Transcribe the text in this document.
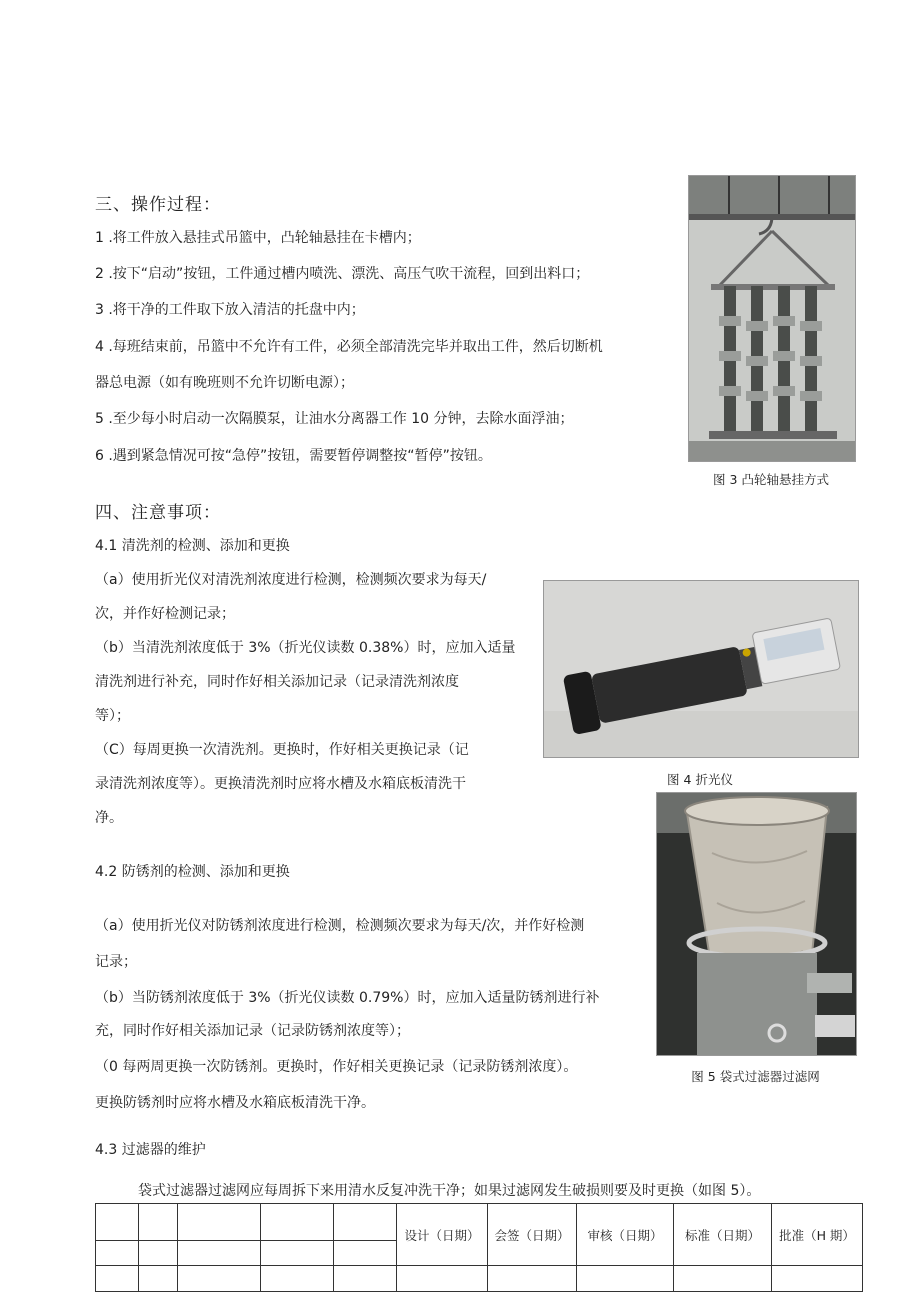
三、操作过程：
1 .将工件放入悬挂式吊篮中，凸轮轴悬挂在卡槽内；
2 .按下“启动”按钮，工件通过槽内喷洗、漂洗、高压气吹干流程，回到出料口；
3 .将干净的工件取下放入清洁的托盘中内；
4 .每班结束前，吊篮中不允许有工件，必须全部清洗完毕并取出工件，然后切断机
器总电源（如有晚班则不允许切断电源）；
5 .至少每小时启动一次隔膜泵，让油水分离器工作 10 分钟，去除水面浮油；
6 .遇到紧急情况可按“急停”按钮，需要暂停调整按“暂停”按钮。
图 3 凸轮轴悬挂方式
四、注意事项：
4.1 清洗剂的检测、添加和更换
（a）使用折光仪对清洗剂浓度进行检测，检测频次要求为每天/
次，并作好检测记录；
（b）当清洗剂浓度低于 3%（折光仪读数 0.38%）时，应加入适量
清洗剂进行补充，同时作好相关添加记录（记录清洗剂浓度
等）；
（C）每周更换一次清洗剂。更换时，作好相关更换记录（记
录清洗剂浓度等）。更换清洗剂时应将水槽及水箱底板清洗干
净。
图 4 折光仪
4.2 防锈剂的检测、添加和更换
（a）使用折光仪对防锈剂浓度进行检测，检测频次要求为每天/次，并作好检测
记录；
（b）当防锈剂浓度低于 3%（折光仪读数 0.79%）时，应加入适量防锈剂进行补
充，同时作好相关添加记录（记录防锈剂浓度等）；
（0 每两周更换一次防锈剂。更换时，作好相关更换记录（记录防锈剂浓度）。
更换防锈剂时应将水槽及水箱底板清洗干净。
图 5 袋式过滤器过滤网
4.3 过滤器的维护
袋式过滤器过滤网应每周拆下来用清水反复冲洗干净；如果过滤网发生破损则要及时更换（如图 5）。
					设计（日期）	会签（日期）	审核（日期）	标准（日期）	批准（H 期）
